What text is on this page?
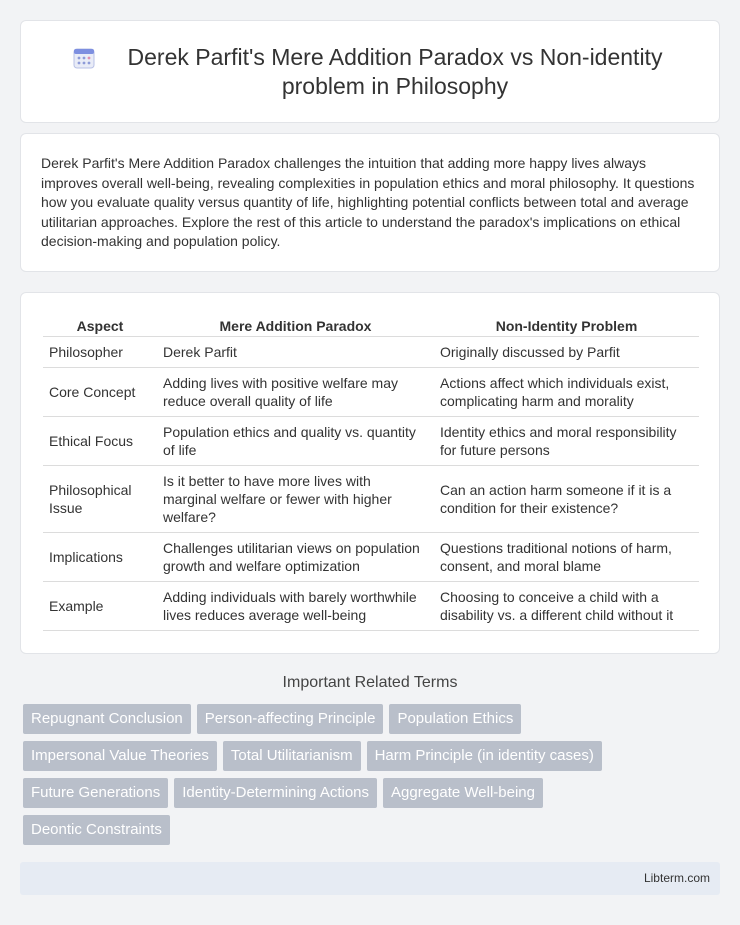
Derek Parfit's Mere Addition Paradox vs Non-identity problem in Philosophy

Derek Parfit's Mere Addition Paradox challenges the intuition that adding more happy lives always improves overall well-being, revealing complexities in population ethics and moral philosophy. It questions how you evaluate quality versus quantity of life, highlighting potential conflicts between total and average utilitarian approaches. Explore the rest of this article to understand the paradox's implications on ethical decision-making and population policy.

Aspect	Mere Addition Paradox	Non-Identity Problem
Philosopher	Derek Parfit	Originally discussed by Parfit
Core Concept	Adding lives with positive welfare may reduce overall quality of life	Actions affect which individuals exist, complicating harm and morality
Ethical Focus	Population ethics and quality vs. quantity of life	Identity ethics and moral responsibility for future persons
Philosophical Issue	Is it better to have more lives with marginal welfare or fewer with higher welfare?	Can an action harm someone if it is a condition for their existence?
Implications	Challenges utilitarian views on population growth and welfare optimization	Questions traditional notions of harm, consent, and moral blame
Example	Adding individuals with barely worthwhile lives reduces average well-being	Choosing to conceive a child with a disability vs. a different child without it
Important Related Terms
Repugnant Conclusion	Person-affecting Principle	Population Ethics
Impersonal Value Theories	Total Utilitarianism	Harm Principle (in identity cases)
Future Generations	Identity-Determining Actions	Aggregate Well-being
Deontic Constraints
Libterm.com
